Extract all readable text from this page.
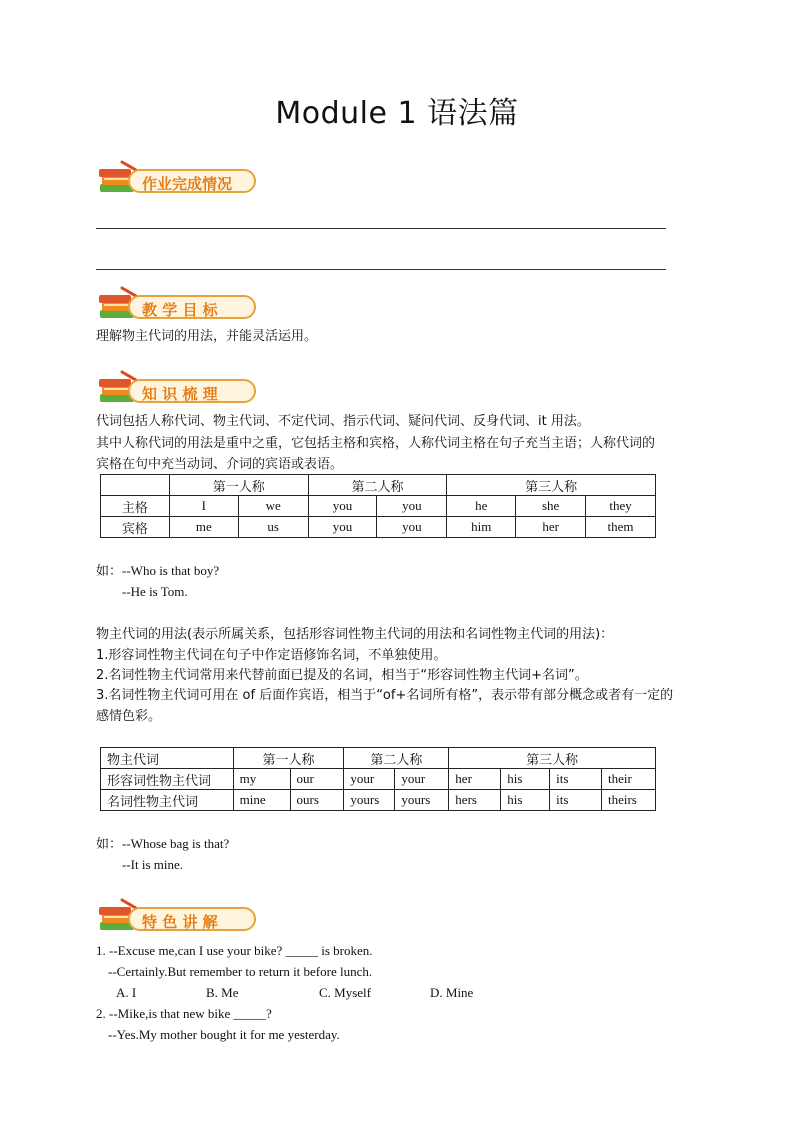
Module 1 语法篇
作业完成情况
教 学 目 标
理解物主代词的用法，并能灵活运用。
知 识 梳 理
代词包括人称代词、物主代词、不定代词、指示代词、疑问代词、反身代词、it 用法。
其中人称代词的用法是重中之重，它包括主格和宾格，人称代词主格在句子充当主语；人称代词的
宾格在句中充当动词、介词的宾语或表语。
	第一人称		第二人称		第三人称		
主格	I	we	you	you	he	she	they
宾格	me	us	you	you	him	her	them
如：--Who is that boy?
--He is Tom.
物主代词的用法(表示所属关系，包括形容词性物主代词的用法和名词性物主代词的用法)：
1.形容词性物主代词在句子中作定语修饰名词，不单独使用。
2.名词性物主代词常用来代替前面已提及的名词，相当于“形容词性物主代词+名词”。
3.名词性物主代词可用在 of 后面作宾语，相当于“of+名词所有格”，表示带有部分概念或者有一定的
感情色彩。
物主代词	第一人称		第二人称		第三人称			
形容词性物主代词	my	our	your	your	her	his	its	their
名词性物主代词	mine	ours	yours	yours	hers	his	its	theirs
如：--Whose bag is that?
--It is mine.
特 色 讲 解
1. --Excuse me,can I use your bike? _____ is broken.
--Certainly.But remember to return it before lunch.
A. I	B. Me	C. Myself	D. Mine
2. --Mike,is that new bike _____?
--Yes.My mother bought it for me yesterday.
